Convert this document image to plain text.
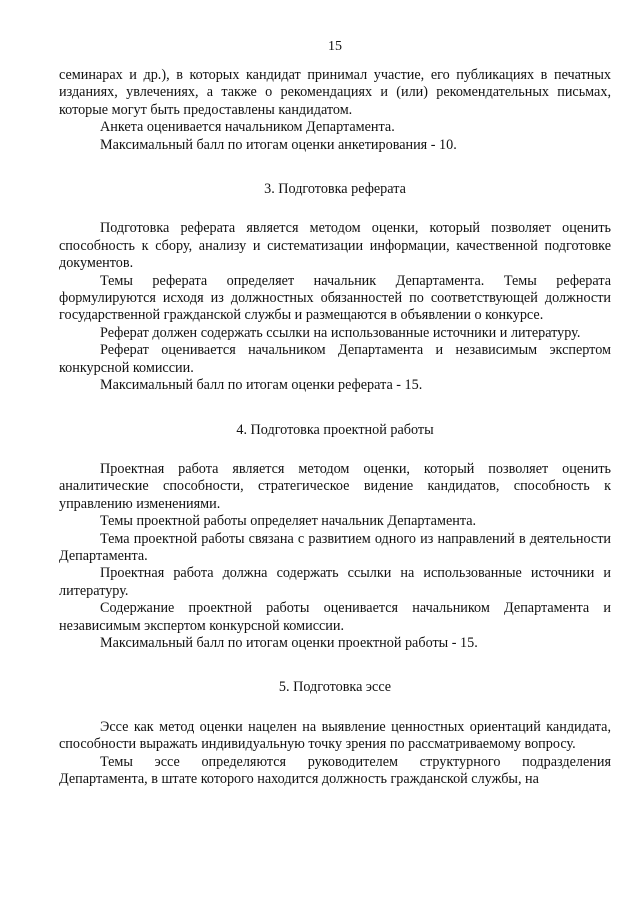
15

семинарах и др.), в которых кандидат принимал участие, его публикациях в печатных изданиях, увлечениях, а также о рекомендациях и (или) рекомендательных письмах, которые могут быть предоставлены кандидатом.

Анкета оценивается начальником Департамента.

Максимальный балл по итогам оценки анкетирования - 10.

3. Подготовка реферата

Подготовка реферата является методом оценки, который позволяет оценить способность к сбору, анализу и систематизации информации, качественной подготовке документов.

Темы реферата определяет начальник Департамента. Темы реферата формулируются исходя из должностных обязанностей по соответствующей должности государственной гражданской службы и размещаются в объявлении о конкурсе.

Реферат должен содержать ссылки на использованные источники и литературу.

Реферат оценивается начальником Департамента и независимым экспертом конкурсной комиссии.

Максимальный балл по итогам оценки реферата - 15.

4. Подготовка проектной работы

Проектная работа является методом оценки, который позволяет оценить аналитические способности, стратегическое видение кандидатов, способность к управлению изменениями.

Темы проектной работы определяет начальник Департамента.

Тема проектной работы связана с развитием одного из направлений в деятельности Департамента.

Проектная работа должна содержать ссылки на использованные источники и литературу.

Содержание проектной работы оценивается начальником Департамента и независимым экспертом конкурсной комиссии.

Максимальный балл по итогам оценки проектной работы - 15.

5. Подготовка эссе

Эссе как метод оценки нацелен на выявление ценностных ориентаций кандидата, способности выражать индивидуальную точку зрения по рассматриваемому вопросу.

Темы эссе определяются руководителем структурного подразделения Департамента, в штате которого находится должность гражданской службы, на
